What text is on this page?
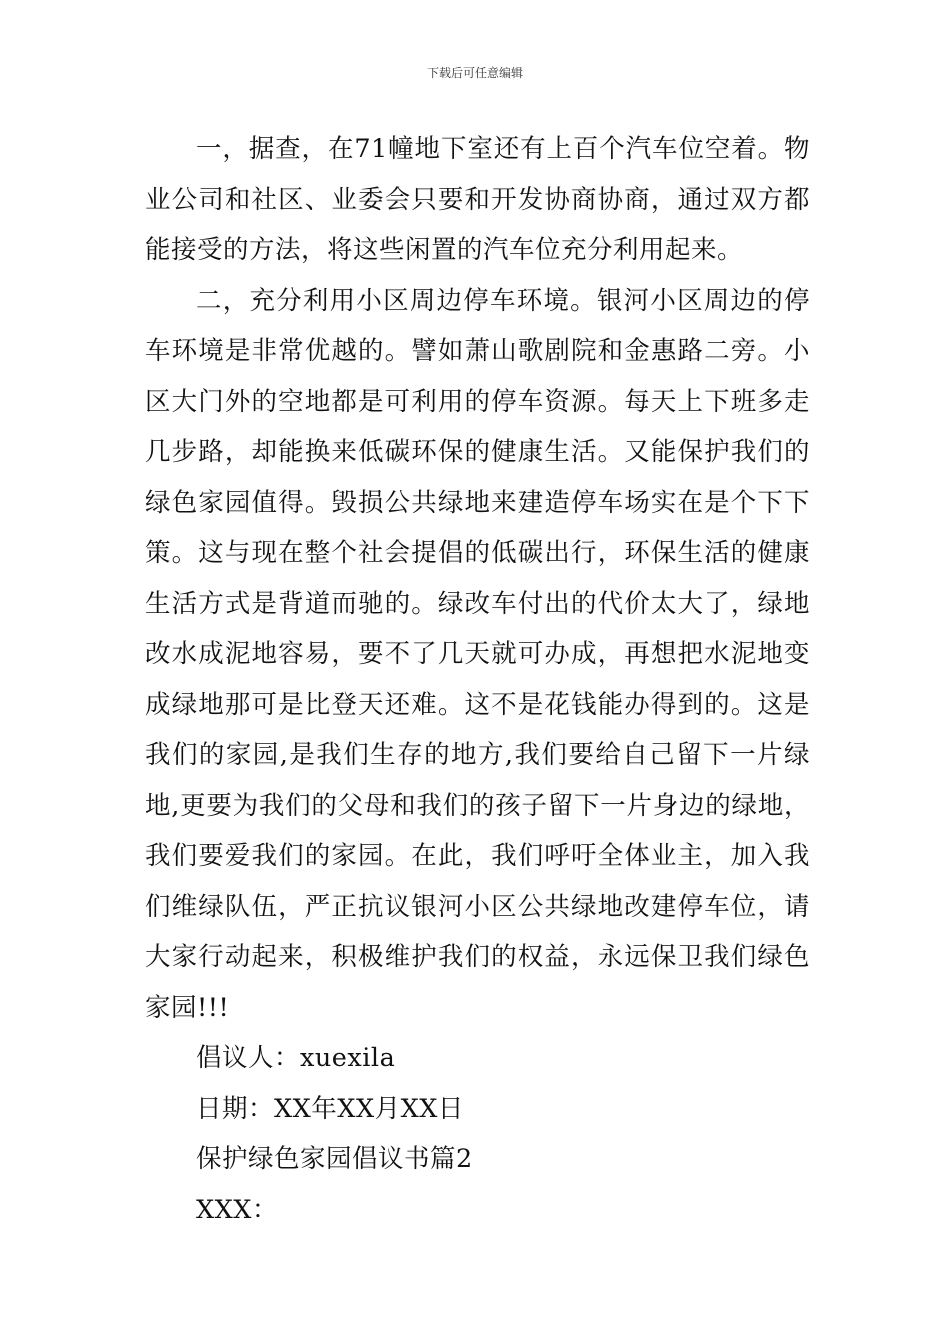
下载后可任意编辑

一，据查，在71幢地下室还有上百个汽车位空着。物业公司和社区、业委会只要和开发协商协商，通过双方都能接受的方法，将这些闲置的汽车位充分利用起来。

二，充分利用小区周边停车环境。银河小区周边的停车环境是非常优越的。譬如萧山歌剧院和金惠路二旁。小区大门外的空地都是可利用的停车资源。每天上下班多走几步路，却能换来低碳环保的健康生活。又能保护我们的绿色家园值得。毁损公共绿地来建造停车场实在是个下下策。这与现在整个社会提倡的低碳出行，环保生活的健康生活方式是背道而驰的。绿改车付出的代价太大了，绿地改水成泥地容易，要不了几天就可办成，再想把水泥地变成绿地那可是比登天还难。这不是花钱能办得到的。这是我们的家园,是我们生存的地方,我们要给自己留下一片绿地,更要为我们的父母和我们的孩子留下一片身边的绿地，我们要爱我们的家园。在此，我们呼吁全体业主，加入我们维绿队伍，严正抗议银河小区公共绿地改建停车位，请大家行动起来，积极维护我们的权益，永远保卫我们绿色家园!!!

倡议人：xuexila
日期：XX年XX月XX日
保护绿色家园倡议书篇2
XXX：
